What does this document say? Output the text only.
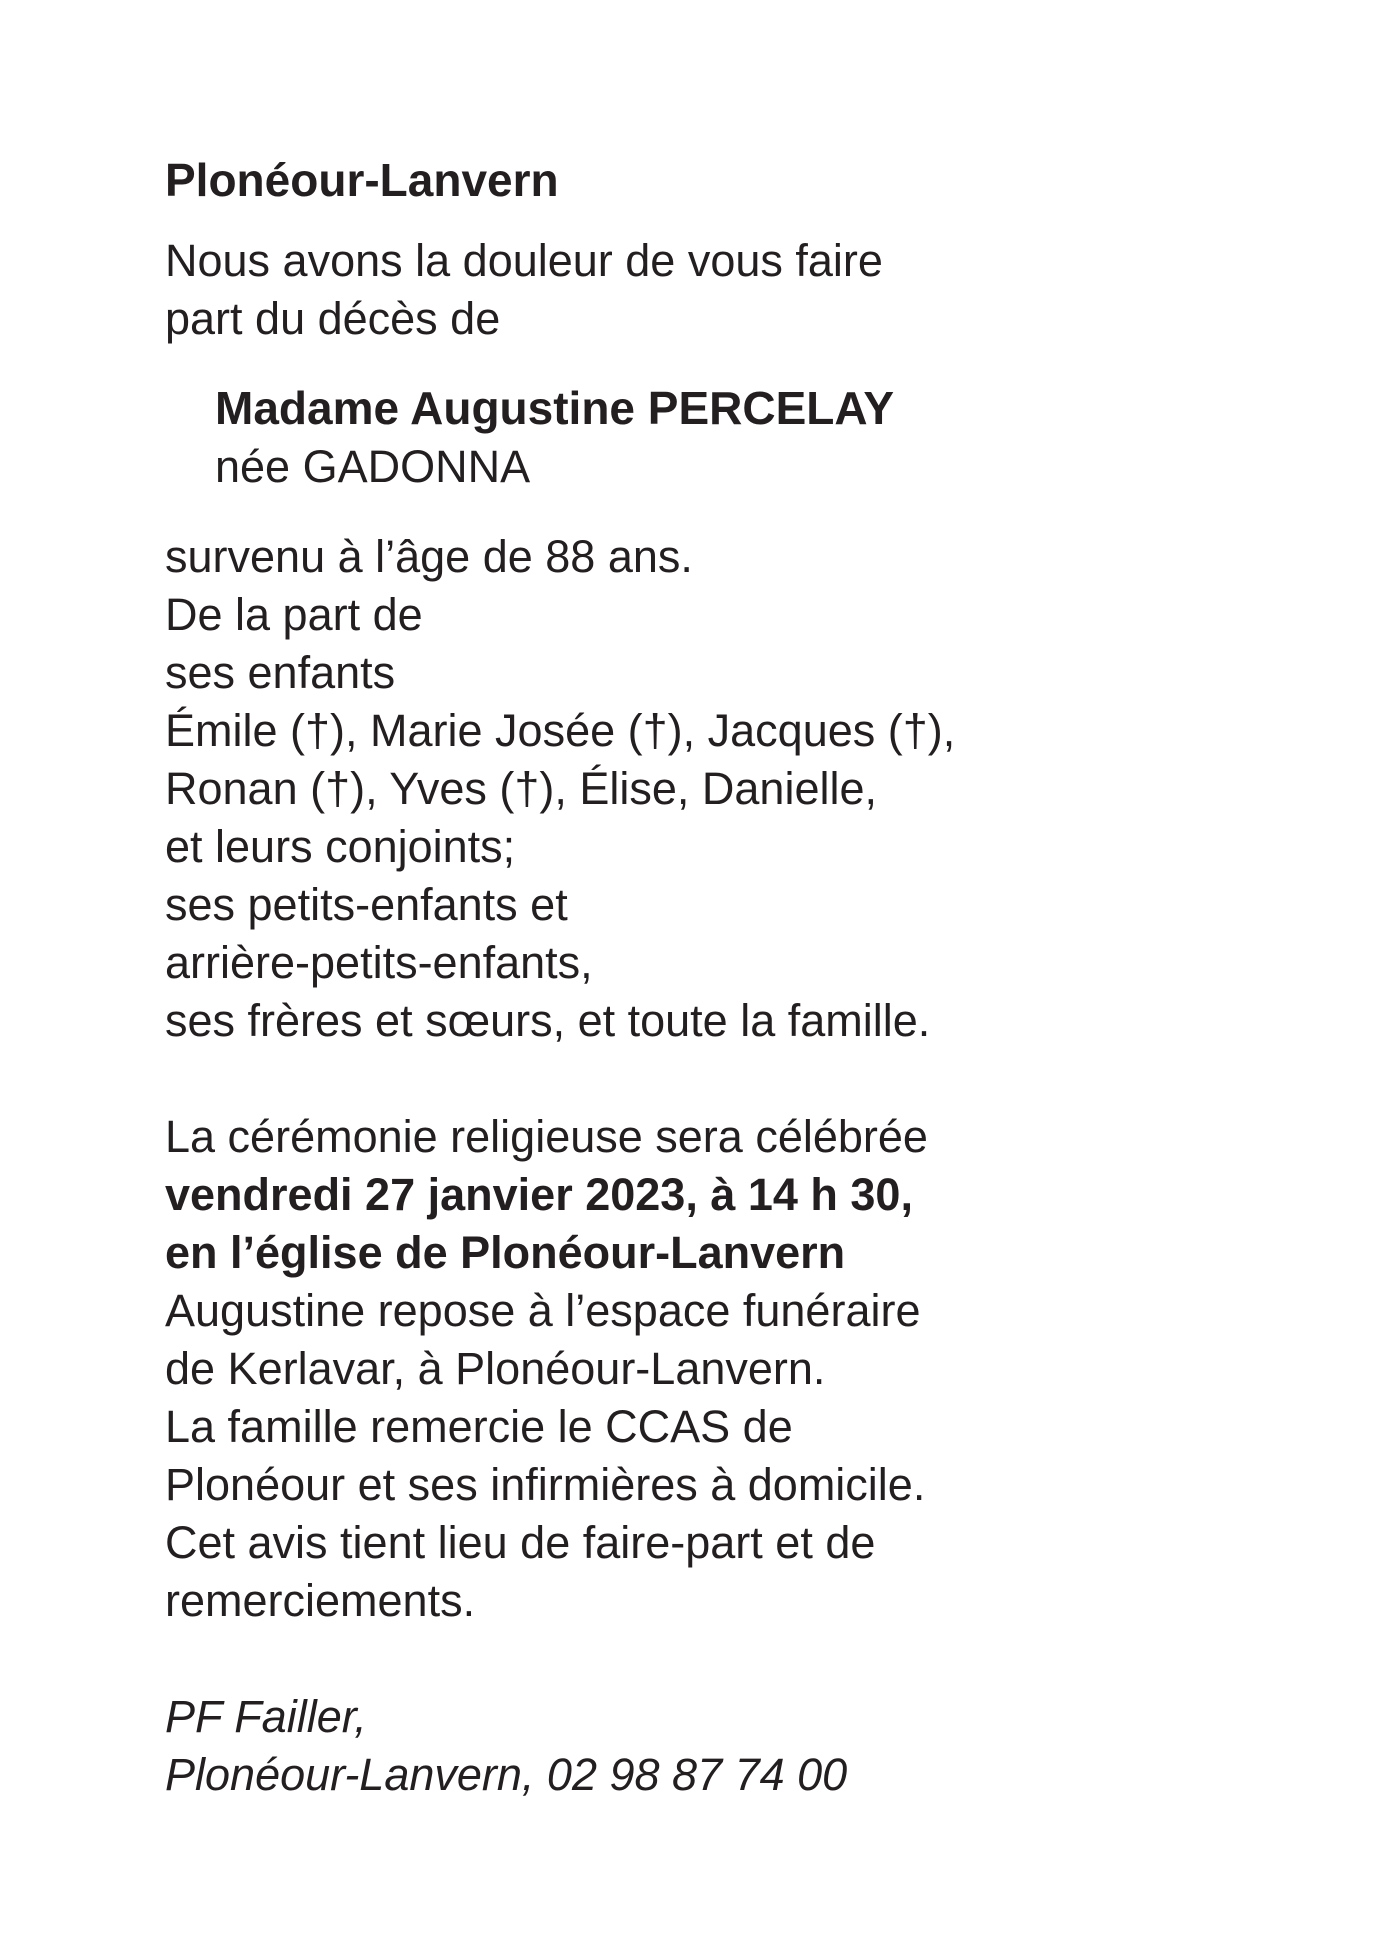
Plonéour-Lanvern

Nous avons la douleur de vous faire
part du décès de

Madame Augustine PERCELAY
née GADONNA

survenu à l’âge de 88 ans.
De la part de
ses enfants
Émile (†), Marie Josée (†), Jacques (†),
Ronan (†), Yves (†), Élise, Danielle,
et leurs conjoints;
ses petits-enfants et
arrière-petits-enfants,
ses frères et sœurs, et toute la famille.

La cérémonie religieuse sera célébrée
vendredi 27 janvier 2023, à 14 h 30,
en l’église de Plonéour-Lanvern
Augustine repose à l’espace funéraire
de Kerlavar, à Plonéour-Lanvern.
La famille remercie le CCAS de
Plonéour et ses infirmières à domicile.
Cet avis tient lieu de faire-part et de
remerciements.

PF Failler,
Plonéour-Lanvern, 02 98 87 74 00
